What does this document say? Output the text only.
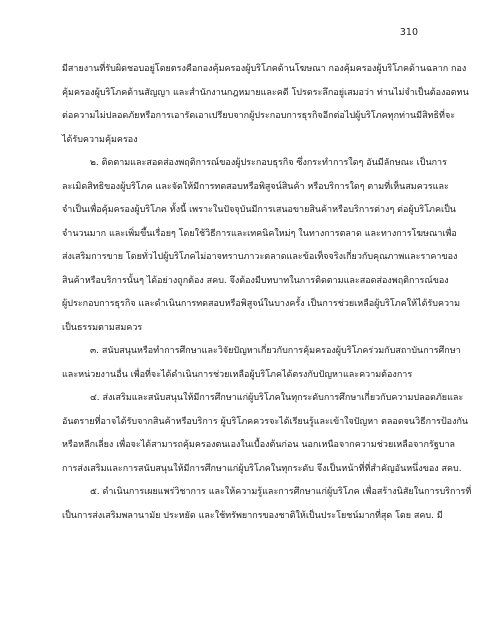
310

มีสายงานที่รับผิดชอบอยู่โดยตรงคือกองคุ้มครองผู้บริโภคด้านโฆษณา กองคุ้มครองผู้บริโภคด้านฉลาก กอง

คุ้มครองผู้บริโภคด้านสัญญา และสำนักงานกฎหมายและคดี โปรดระลึกอยู่เสมอว่า ท่านไม่จำเป็นต้องอดทน

ต่อความไม่ปลอดภัยหรือการเอารัดเอาเปรียบจากผู้ประกอบการธุรกิจอีกต่อไปผู้บริโภคทุกท่านมีสิทธิที่จะ

ได้รับความคุ้มครอง

๒. ติดตามและสอดส่องพฤติการณ์ของผู้ประกอบธุรกิจ ซึ่งกระทำการใดๆ อันมีลักษณะ เป็นการ

ละเมิดสิทธิของผู้บริโภค และจัดให้มีการทดสอบหรือพิสูจน์สินค้า หรือบริการใดๆ ตามที่เห็นสมควรและ

จำเป็นเพื่อคุ้มครองผู้บริโภค ทั้งนี้ เพราะในปัจจุบันมีการเสนอขายสินค้าหรือบริการต่างๆ ต่อผู้บริโภคเป็น

จำนวนมาก และเพิ่มขึ้นเรื่อยๆ โดยใช้วิธีการและเทคนิคใหม่ๆ ในทางการตลาด และทางการโฆษณาเพื่อ

ส่งเสริมการขาย โดยทั่วไปผู้บริโภคไม่อาจทราบภาวะตลาดและข้อเท็จจริงเกี่ยวกับคุณภาพและราคาของ

สินค้าหรือบริการนั้นๆ ได้อย่างถูกต้อง สคบ. จึงต้องมีบทบาทในการติดตามและสอดส่องพฤติการณ์ของ

ผู้ประกอบการธุรกิจ และดำเนินการทดสอบหรือพิสูจน์ในบางครั้ง เป็นการช่วยเหลือผู้บริโภคให้ได้รับความ

เป็นธรรมตามสมควร

๓. สนับสนุนหรือทำการศึกษาและวิจัยปัญหาเกี่ยวกับการคุ้มครองผู้บริโภคร่วมกับสถาบันการศึกษา

และหน่วยงานอื่น เพื่อที่จะได้ดำเนินการช่วยเหลือผู้บริโภคได้ตรงกับปัญหาและความต้องการ

๔. ส่งเสริมและสนับสนุนให้มีการศึกษาแก่ผู้บริโภคในทุกระดับการศึกษาเกี่ยวกับความปลอดภัยและ

อันตรายที่อาจได้รับจากสินค้าหรือบริการ ผู้บริโภคควรจะได้เรียนรู้และเข้าใจปัญหา ตลอดจนวิธีการป้องกัน

หรือหลีกเลี่ยง เพื่อจะได้สามารถคุ้มครองตนเองในเบื้องต้นก่อน นอกเหนือจากความช่วยเหลือจากรัฐบาล

การส่งเสริมและการสนับสนุนให้มีการศึกษาแก่ผู้บริโภคในทุกระดับ จึงเป็นหน้าที่ที่สำคัญอันหนึ่งของ สคบ.

๕. ดำเนินการเผยแพร่วิชาการ และให้ความรู้และการศึกษาแก่ผู้บริโภค เพื่อสร้างนิสัยในการบริการที่

เป็นการส่งเสริมพลานามัย ประหยัด และใช้ทรัพยากรของชาติให้เป็นประโยชน์มากที่สุด โดย สคบ. มี
